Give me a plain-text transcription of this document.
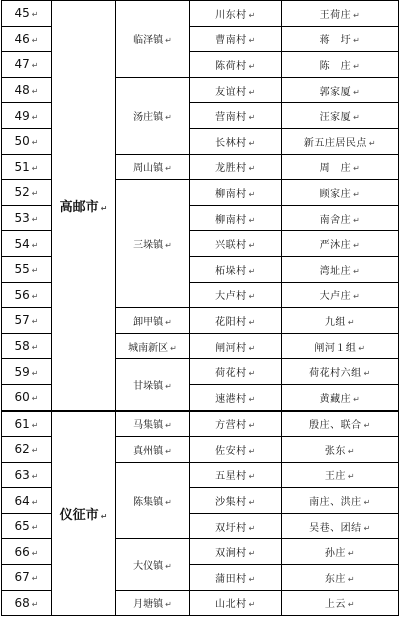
45 ↵	高邮市 ↵	临泽镇 ↵	川东村 ↵	王荷庄 ↵
46 ↵			曹南村 ↵	蒋　圩 ↵
47 ↵			陈荷村 ↵	陈　庄 ↵
48 ↵		汤庄镇 ↵	友谊村 ↵	郭家厦 ↵
49 ↵			营南村 ↵	汪家厦 ↵
50 ↵			长林村 ↵	新五庄居民点 ↵
51 ↵		周山镇 ↵	龙胜村 ↵	周　庄 ↵
52 ↵		三垛镇 ↵	柳南村 ↵	顾家庄 ↵
53 ↵			柳南村 ↵	南舍庄 ↵
54 ↵			兴联村 ↵	严沐庄 ↵
55 ↵			柘垛村 ↵	湾址庄 ↵
56 ↵			大卢村 ↵	大卢庄 ↵
57 ↵		卸甲镇 ↵	花阳村 ↵	九组 ↵
58 ↵		城南新区 ↵	闸河村 ↵	闸河１组 ↵
59 ↵		甘垛镇 ↵	荷花村 ↵	荷花村六组 ↵
60 ↵			速港村 ↵	黄藏庄 ↵
61 ↵	仪征市 ↵	马集镇 ↵	方营村 ↵	殷庄、联合 ↵
62 ↵		真州镇 ↵	佐安村 ↵	张东 ↵
63 ↵		陈集镇 ↵	五星村 ↵	王庄 ↵
64 ↵			沙集村 ↵	南庄、洪庄 ↵
65 ↵			双圩村 ↵	吴巷、团结 ↵
66 ↵		大仪镇 ↵	双涧村 ↵	孙庄 ↵
67 ↵			蒲田村 ↵	东庄 ↵
68 ↵		月塘镇 ↵	山北村 ↵	上云 ↵
